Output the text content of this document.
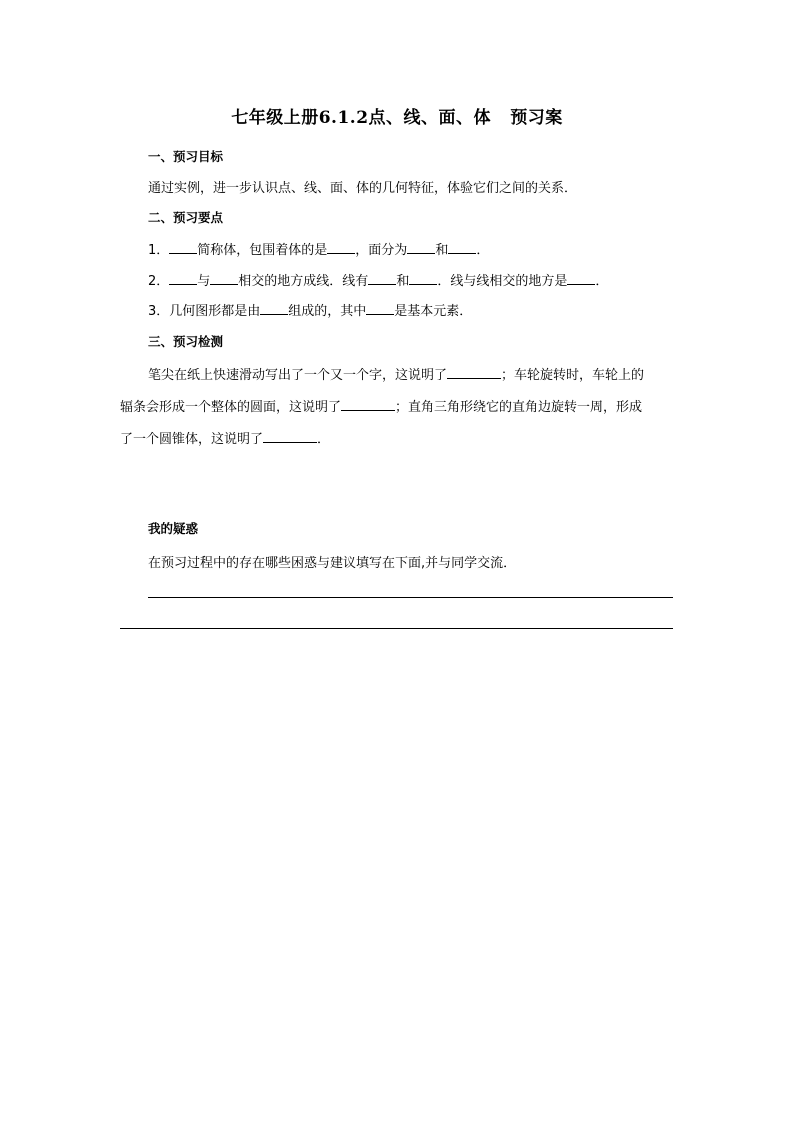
七年级上册6.1.2点、线、面、体   预习案
一、预习目标
通过实例，进一步认识点、线、面、体的几何特征，体验它们之间的关系．
二、预习要点
1． 简称体，包围着体的是 ，面分为 和 ．
2． 与 相交的地方成线．线有 和 ．线与线相交的地方是 ．
3．几何图形都是由 组成的，其中 是基本元素．
三、预习检测
笔尖在纸上快速滑动写出了一个又一个字，这说明了	；车轮旋转时，车轮上的
辐条会形成一个整体的圆面，这说明了	；直角三角形绕它的直角边旋转一周，形成
了一个圆锥体，这说明了	．
我的疑惑
在预习过程中的存在哪些困惑与建议填写在下面,并与同学交流．
